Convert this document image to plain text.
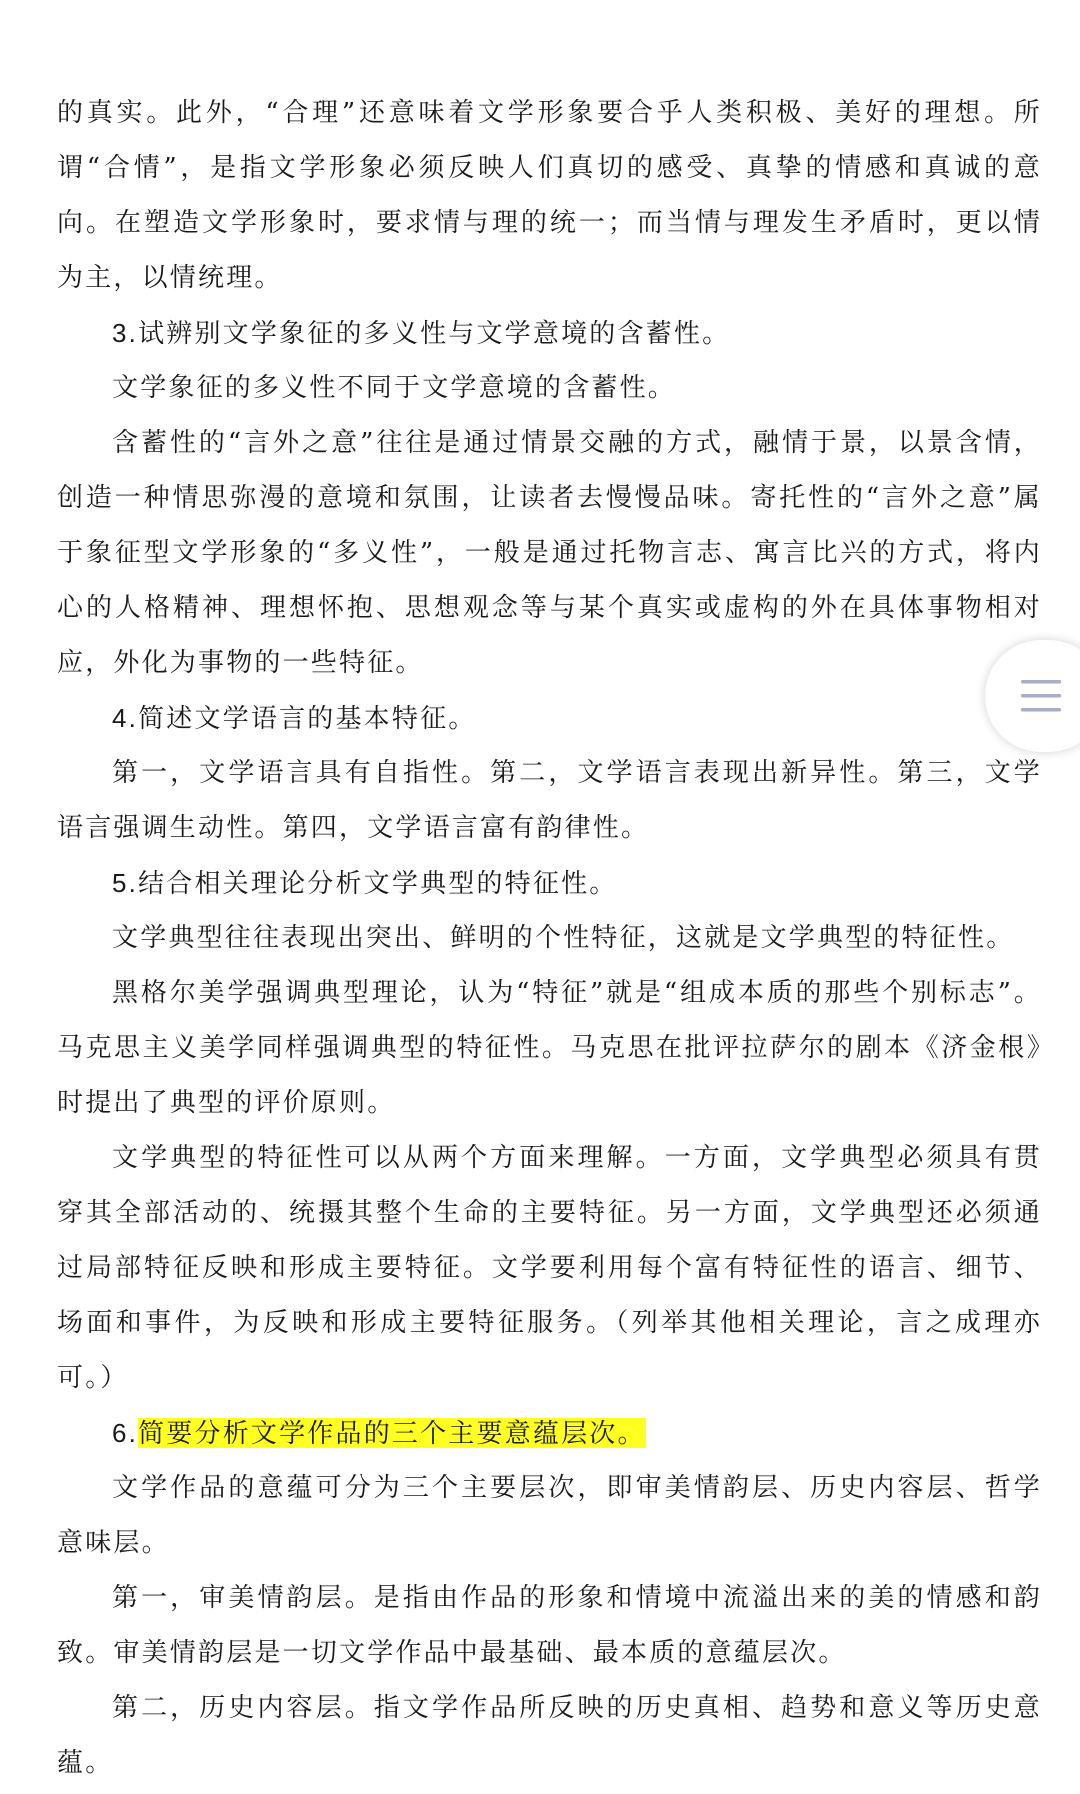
的真实。此外，“合理”还意味着文学形象要合乎人类积极、美好的理想。所谓“合情”，是指文学形象必须反映人们真切的感受、真挚的情感和真诚的意向。在塑造文学形象时，要求情与理的统一；而当情与理发生矛盾时，更以情为主，以情统理。

3.试辨别文学象征的多义性与文学意境的含蓄性。

文学象征的多义性不同于文学意境的含蓄性。

含蓄性的“言外之意”往往是通过情景交融的方式，融情于景，以景含情，创造一种情思弥漫的意境和氛围，让读者去慢慢品味。寄托性的“言外之意”属于象征型文学形象的“多义性”，一般是通过托物言志、寓言比兴的方式，将内心的人格精神、理想怀抱、思想观念等与某个真实或虚构的外在具体事物相对应，外化为事物的一些特征。

4.简述文学语言的基本特征。

第一，文学语言具有自指性。第二，文学语言表现出新异性。第三，文学语言强调生动性。第四，文学语言富有韵律性。

5.结合相关理论分析文学典型的特征性。

文学典型往往表现出突出、鲜明的个性特征，这就是文学典型的特征性。

黑格尔美学强调典型理论，认为“特征”就是“组成本质的那些个别标志”。马克思主义美学同样强调典型的特征性。马克思在批评拉萨尔的剧本《济金根》时提出了典型的评价原则。

文学典型的特征性可以从两个方面来理解。一方面，文学典型必须具有贯穿其全部活动的、统摄其整个生命的主要特征。另一方面，文学典型还必须通过局部特征反映和形成主要特征。文学要利用每个富有特征性的语言、细节、场面和事件，为反映和形成主要特征服务。（列举其他相关理论，言之成理亦可。）

6.简要分析文学作品的三个主要意蕴层次。

文学作品的意蕴可分为三个主要层次，即审美情韵层、历史内容层、哲学意味层。

第一，审美情韵层。是指由作品的形象和情境中流溢出来的美的情感和韵致。审美情韵层是一切文学作品中最基础、最本质的意蕴层次。

第二，历史内容层。指文学作品所反映的历史真相、趋势和意义等历史意蕴。
